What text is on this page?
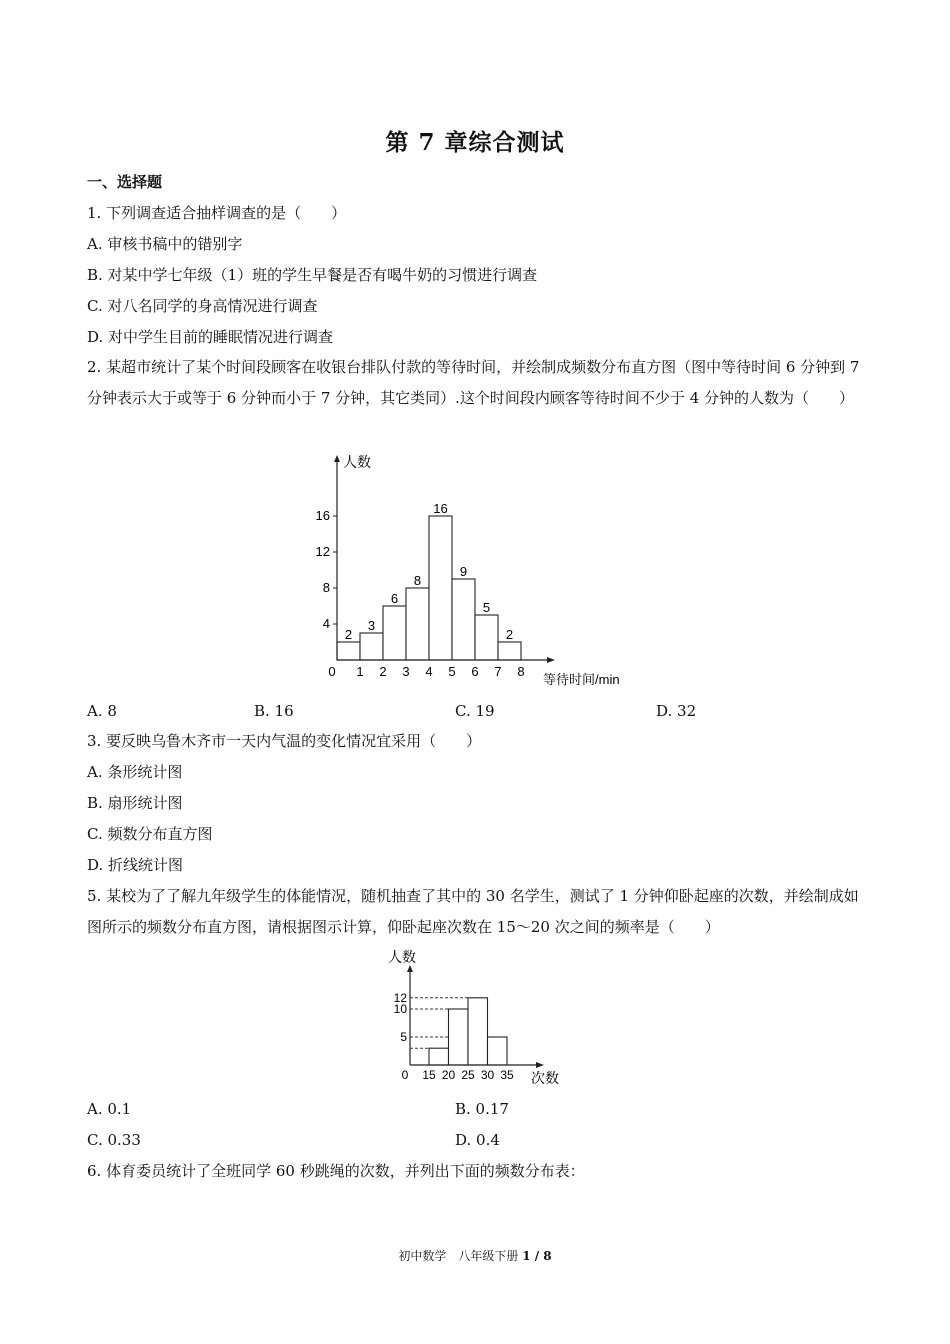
第 7 章综合测试
一、选择题
1. 下列调查适合抽样调查的是（　　）
A. 审核书稿中的错别字
B. 对某中学七年级（1）班的学生早餐是否有喝牛奶的习惯进行调查
C. 对八名同学的身高情况进行调查
D. 对中学生目前的睡眠情况进行调查
2. 某超市统计了某个时间段顾客在收银台排队付款的等待时间，并绘制成频数分布直方图（图中等待时间 6 分钟到 7 分钟表示大于或等于 6 分钟而小于 7 分钟，其它类同）.这个时间段内顾客等待时间不少于 4 分钟的人数为（　　）
2
3
6
8
16
9
5
2
4
8
12
16
0 1 2 3 4 5 6 7 8
人数
等待时间/min
A. 8	B. 16	C. 19	D. 32
3. 要反映乌鲁木齐市一天内气温的变化情况宜采用（　　）
A. 条形统计图
B. 扇形统计图
C. 频数分布直方图
D. 折线统计图
5. 某校为了了解九年级学生的体能情况，随机抽查了其中的 30 名学生，测试了 1 分钟仰卧起座的次数，并绘制成如图所示的频数分布直方图，请根据图示计算，仰卧起座次数在 15～20 次之间的频率是（　　）
5
10
12
15 20 25 30 35
0
人数
次数
A. 0.1	B. 0.17
C. 0.33	D. 0.4
6. 体育委员统计了全班同学 60 秒跳绳的次数，并列出下面的频数分布表：
初中数学　八年级下册 1 / 8
